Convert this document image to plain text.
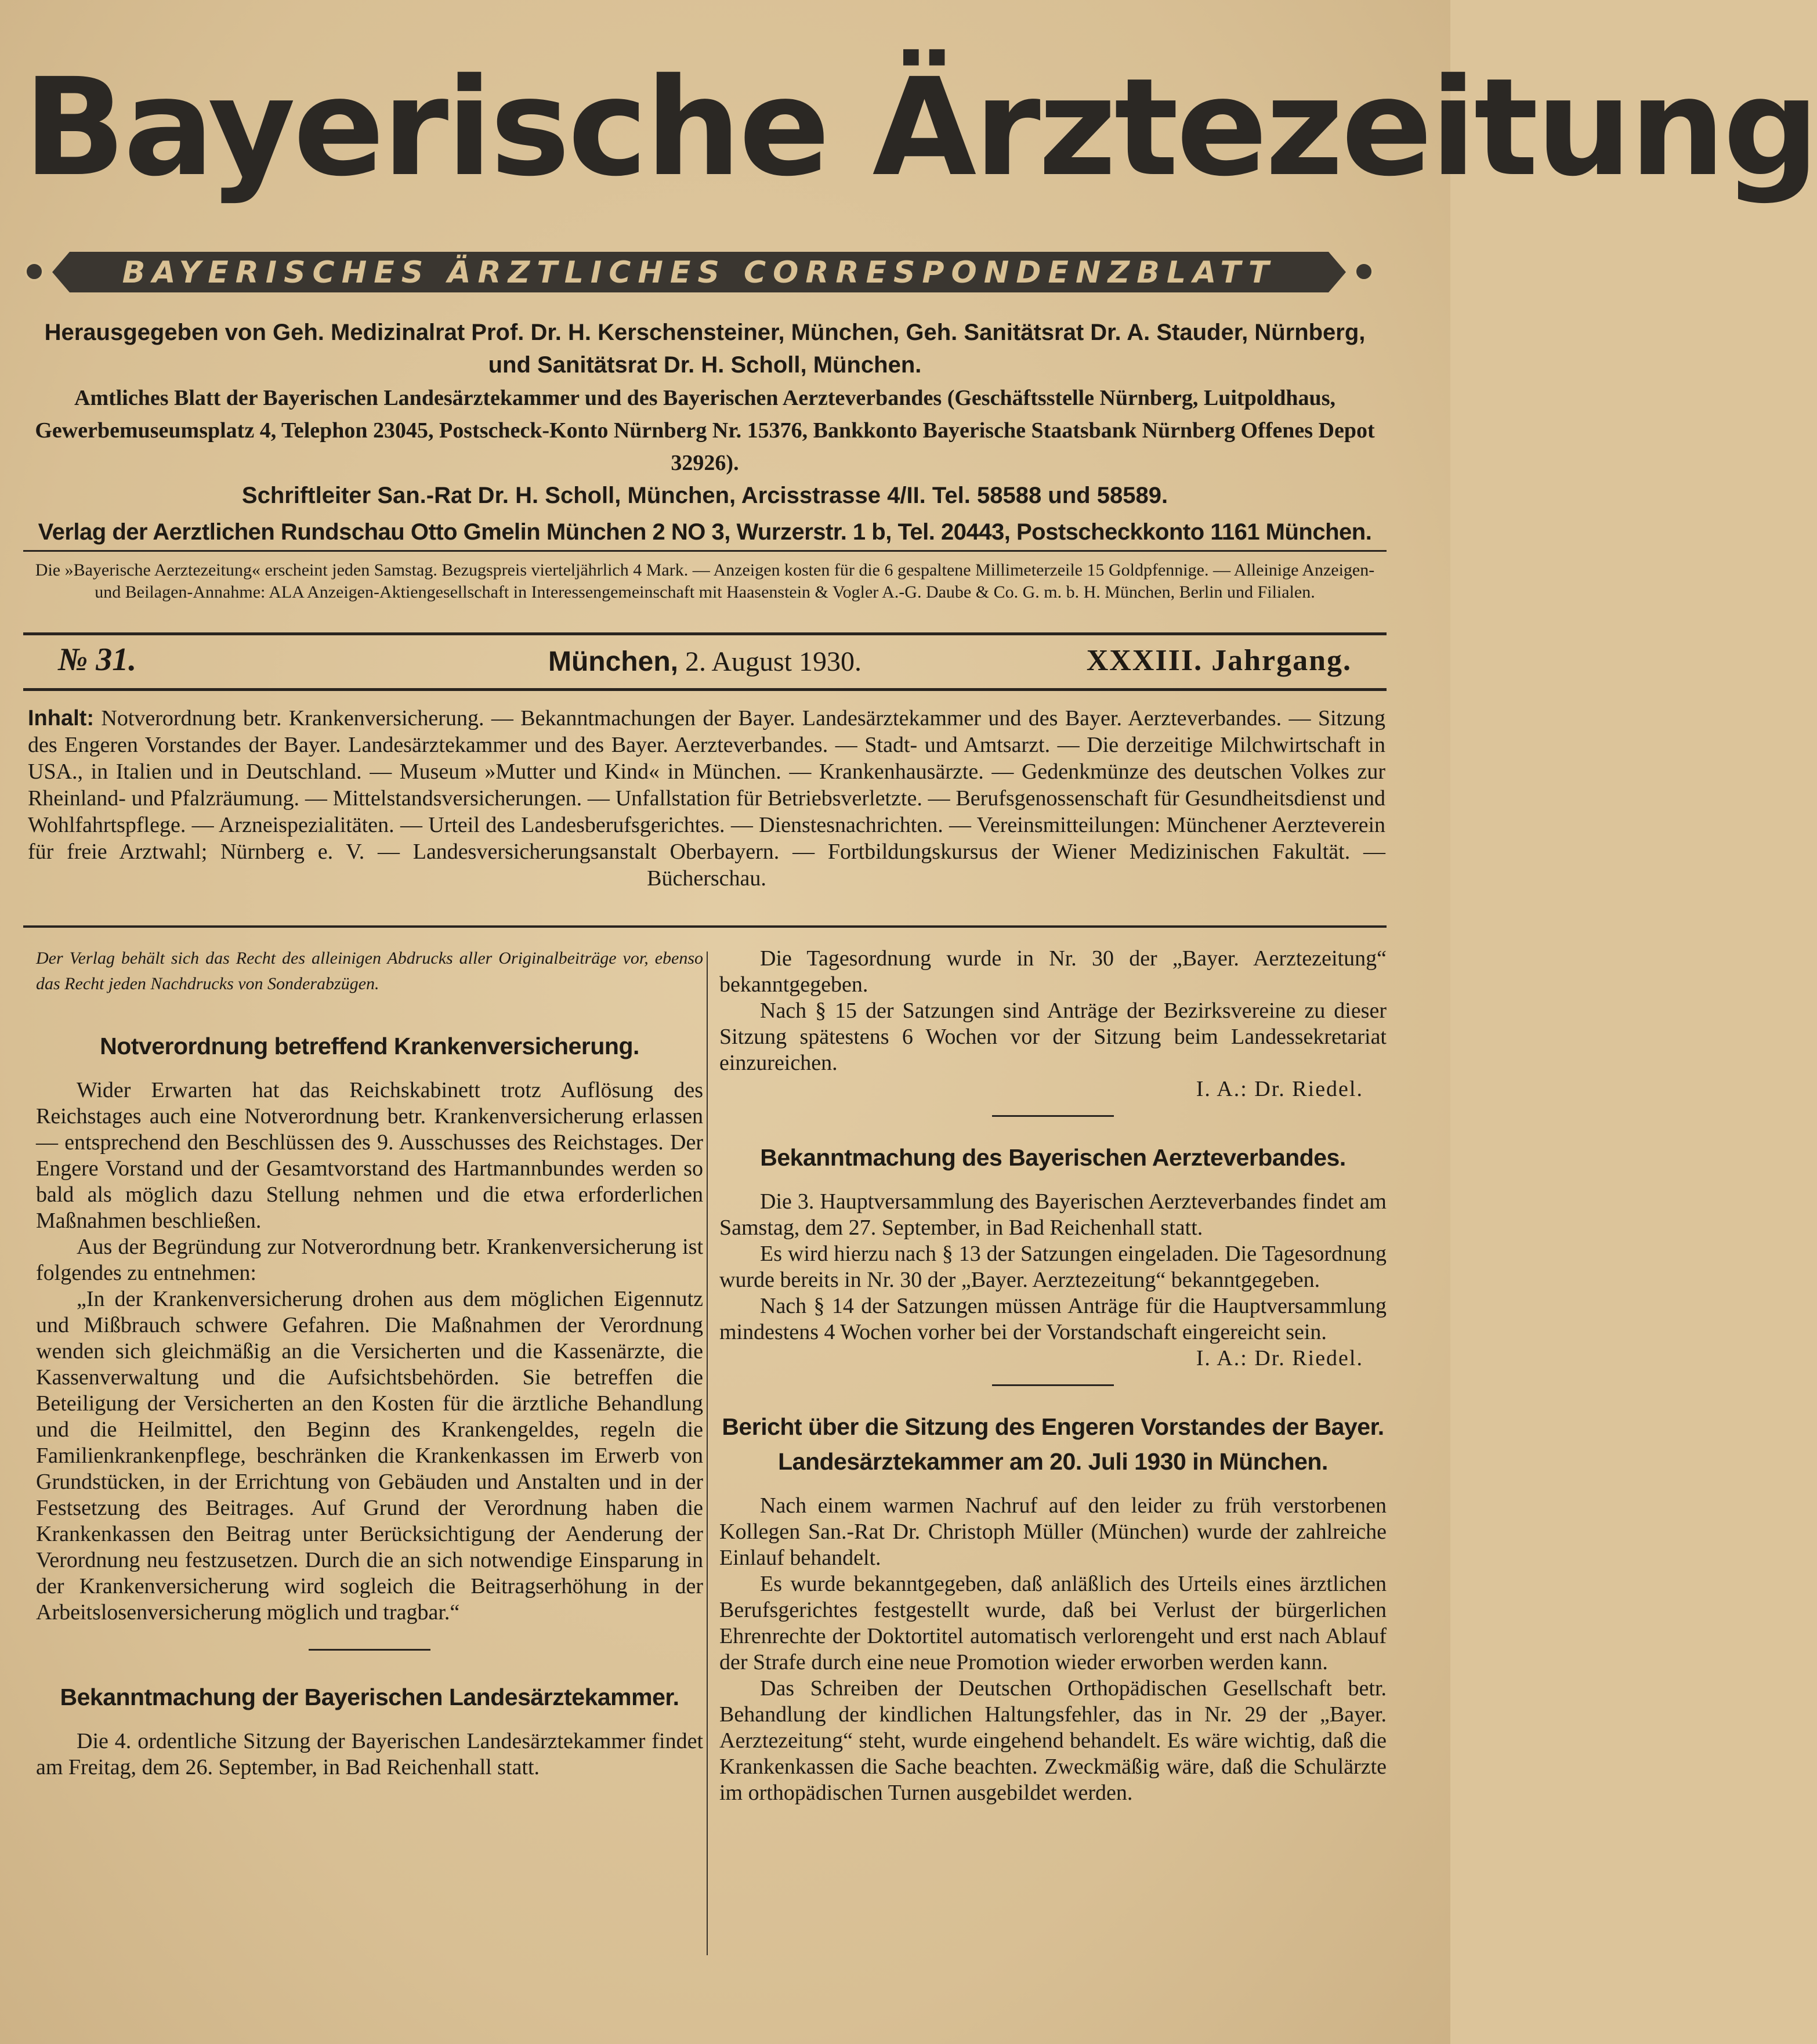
Bayerische Ärztezeitung
BAYERISCHES ÄRZTLICHES CORRESPONDENZBLATT

Herausgegeben von Geh. Medizinalrat Prof. Dr. H. Kerschensteiner, München, Geh. Sanitätsrat Dr. A. Stauder, Nürnberg, und Sanitätsrat Dr. H. Scholl, München.

Amtliches Blatt der Bayerischen Landesärztekammer und des Bayerischen Aerzteverbandes (Geschäftsstelle Nürnberg, Luitpoldhaus, Gewerbemuseumsplatz 4, Telephon 23045, Postscheck-Konto Nürnberg Nr. 15376, Bankkonto Bayerische Staatsbank Nürnberg Offenes Depot 32926).

Schriftleiter San.-Rat Dr. H. Scholl, München, Arcisstrasse 4/II. Tel. 58588 und 58589.

Verlag der Aerztlichen Rundschau Otto Gmelin München 2 NO 3, Wurzerstr. 1 b, Tel. 20443, Postscheckkonto 1161 München.

Die »Bayerische Aerztezeitung« erscheint jeden Samstag. Bezugspreis vierteljährlich 4 Mark. — Anzeigen kosten für die 6 gespaltene Millimeterzeile 15 Goldpfennige. — Alleinige Anzeigen- und Beilagen-Annahme: ALA Anzeigen-Aktiengesellschaft in Interessengemeinschaft mit Haasenstein & Vogler A.-G. Daube & Co. G. m. b. H. München, Berlin und Filialen.

№ 31.	München, 2. August 1930.	XXXIII. Jahrgang.

Inhalt: Notverordnung betr. Krankenversicherung. — Bekanntmachungen der Bayer. Landesärztekammer und des Bayer. Aerzteverbandes. — Sitzung des Engeren Vorstandes der Bayer. Landesärztekammer und des Bayer. Aerzteverbandes. — Stadt- und Amtsarzt. — Die derzeitige Milchwirtschaft in USA., in Italien und in Deutschland. — Museum »Mutter und Kind« in München. — Krankenhausärzte. — Gedenkmünze des deutschen Volkes zur Rheinland- und Pfalzräumung. — Mittelstandsversicherungen. — Unfallstation für Betriebsverletzte. — Berufsgenossenschaft für Gesundheitsdienst und Wohlfahrtspflege. — Arzneispezialitäten. — Urteil des Landesberufsgerichtes. — Dienstesnachrichten. — Vereinsmitteilungen: Münchener Aerzteverein für freie Arztwahl; Nürnberg e. V. — Landesversicherungsanstalt Oberbayern. — Fortbildungskursus der Wiener Medizinischen Fakultät. — Bücherschau.

Der Verlag behält sich das Recht des alleinigen Abdrucks aller Originalbeiträge vor, ebenso das Recht jeden Nachdrucks von Sonderabzügen.

Notverordnung betreffend Krankenversicherung.

Wider Erwarten hat das Reichskabinett trotz Auflösung des Reichstages auch eine Notverordnung betr. Krankenversicherung erlassen — entsprechend den Beschlüssen des 9. Ausschusses des Reichstages. Der Engere Vorstand und der Gesamtvorstand des Hartmannbundes werden so bald als möglich dazu Stellung nehmen und die etwa erforderlichen Maßnahmen beschließen.

Aus der Begründung zur Notverordnung betr. Krankenversicherung ist folgendes zu entnehmen:

„In der Krankenversicherung drohen aus dem möglichen Eigennutz und Mißbrauch schwere Gefahren. Die Maßnahmen der Verordnung wenden sich gleichmäßig an die Versicherten und die Kassenärzte, die Kassenverwaltung und die Aufsichtsbehörden. Sie betreffen die Beteiligung der Versicherten an den Kosten für die ärztliche Behandlung und die Heilmittel, den Beginn des Krankengeldes, regeln die Familienkrankenpflege, beschränken die Krankenkassen im Erwerb von Grundstücken, in der Errichtung von Gebäuden und Anstalten und in der Festsetzung des Beitrages. Auf Grund der Verordnung haben die Krankenkassen den Beitrag unter Berücksichtigung der Aenderung der Verordnung neu festzusetzen. Durch die an sich notwendige Einsparung in der Krankenversicherung wird sogleich die Beitragserhöhung in der Arbeitslosenversicherung möglich und tragbar.“

Bekanntmachung der Bayerischen Landesärztekammer.

Die 4. ordentliche Sitzung der Bayerischen Landesärztekammer findet am Freitag, dem 26. September, in Bad Reichenhall statt.

Die Tagesordnung wurde in Nr. 30 der „Bayer. Aerztezeitung“ bekanntgegeben.

Nach § 15 der Satzungen sind Anträge der Bezirksvereine zu dieser Sitzung spätestens 6 Wochen vor der Sitzung beim Landessekretariat einzureichen.

I. A.: Dr. Riedel.

Bekanntmachung des Bayerischen Aerzteverbandes.

Die 3. Hauptversammlung des Bayerischen Aerzteverbandes findet am Samstag, dem 27. September, in Bad Reichenhall statt.

Es wird hierzu nach § 13 der Satzungen eingeladen. Die Tagesordnung wurde bereits in Nr. 30 der „Bayer. Aerztezeitung“ bekanntgegeben.

Nach § 14 der Satzungen müssen Anträge für die Hauptversammlung mindestens 4 Wochen vorher bei der Vorstandschaft eingereicht sein.

I. A.: Dr. Riedel.

Bericht über die Sitzung des Engeren Vorstandes der Bayer. Landesärztekammer am 20. Juli 1930 in München.

Nach einem warmen Nachruf auf den leider zu früh verstorbenen Kollegen San.-Rat Dr. Christoph Müller (München) wurde der zahlreiche Einlauf behandelt.

Es wurde bekanntgegeben, daß anläßlich des Urteils eines ärztlichen Berufsgerichtes festgestellt wurde, daß bei Verlust der bürgerlichen Ehrenrechte der Doktortitel automatisch verlorengeht und erst nach Ablauf der Strafe durch eine neue Promotion wieder erworben werden kann.

Das Schreiben der Deutschen Orthopädischen Gesellschaft betr. Behandlung der kindlichen Haltungsfehler, das in Nr. 29 der „Bayer. Aerztezeitung“ steht, wurde eingehend behandelt. Es wäre wichtig, daß die Krankenkassen die Sache beachten. Zweckmäßig wäre, daß die Schulärzte im orthopädischen Turnen ausgebildet werden.
